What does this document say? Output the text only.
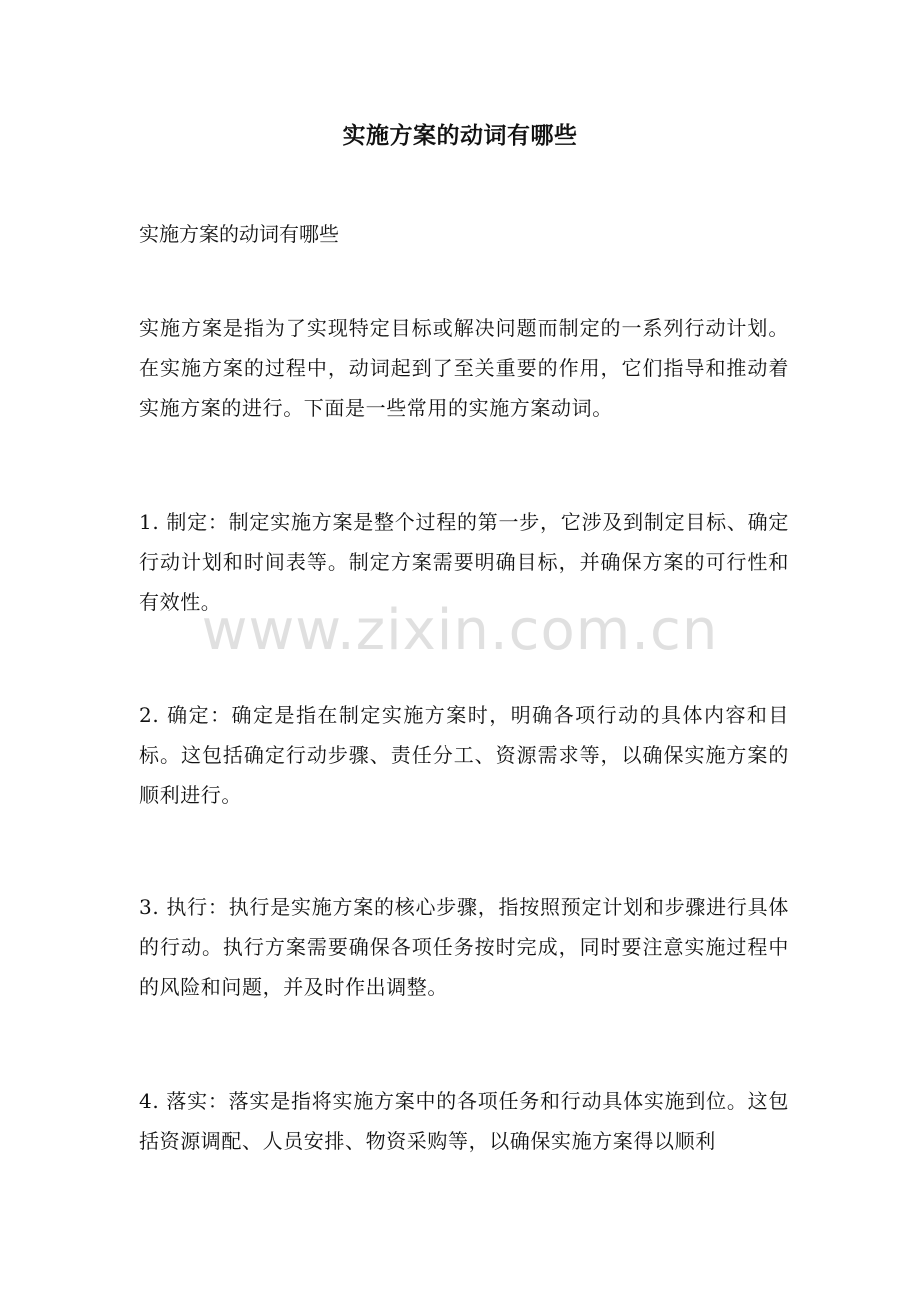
实施方案的动词有哪些
实施方案的动词有哪些

实施方案是指为了实现特定目标或解决问题而制定的一系列行动计划。在实施方案的过程中，动词起到了至关重要的作用，它们指导和推动着实施方案的进行。下面是一些常用的实施方案动词。

1. 制定：制定实施方案是整个过程的第一步，它涉及到制定目标、确定行动计划和时间表等。制定方案需要明确目标，并确保方案的可行性和有效性。

2. 确定：确定是指在制定实施方案时，明确各项行动的具体内容和目标。这包括确定行动步骤、责任分工、资源需求等，以确保实施方案的顺利进行。

3. 执行：执行是实施方案的核心步骤，指按照预定计划和步骤进行具体的行动。执行方案需要确保各项任务按时完成，同时要注意实施过程中的风险和问题，并及时作出调整。

4. 落实：落实是指将实施方案中的各项任务和行动具体实施到位。这包括资源调配、人员安排、物资采购等，以确保实施方案得以顺利

www.zixin.com.cn
